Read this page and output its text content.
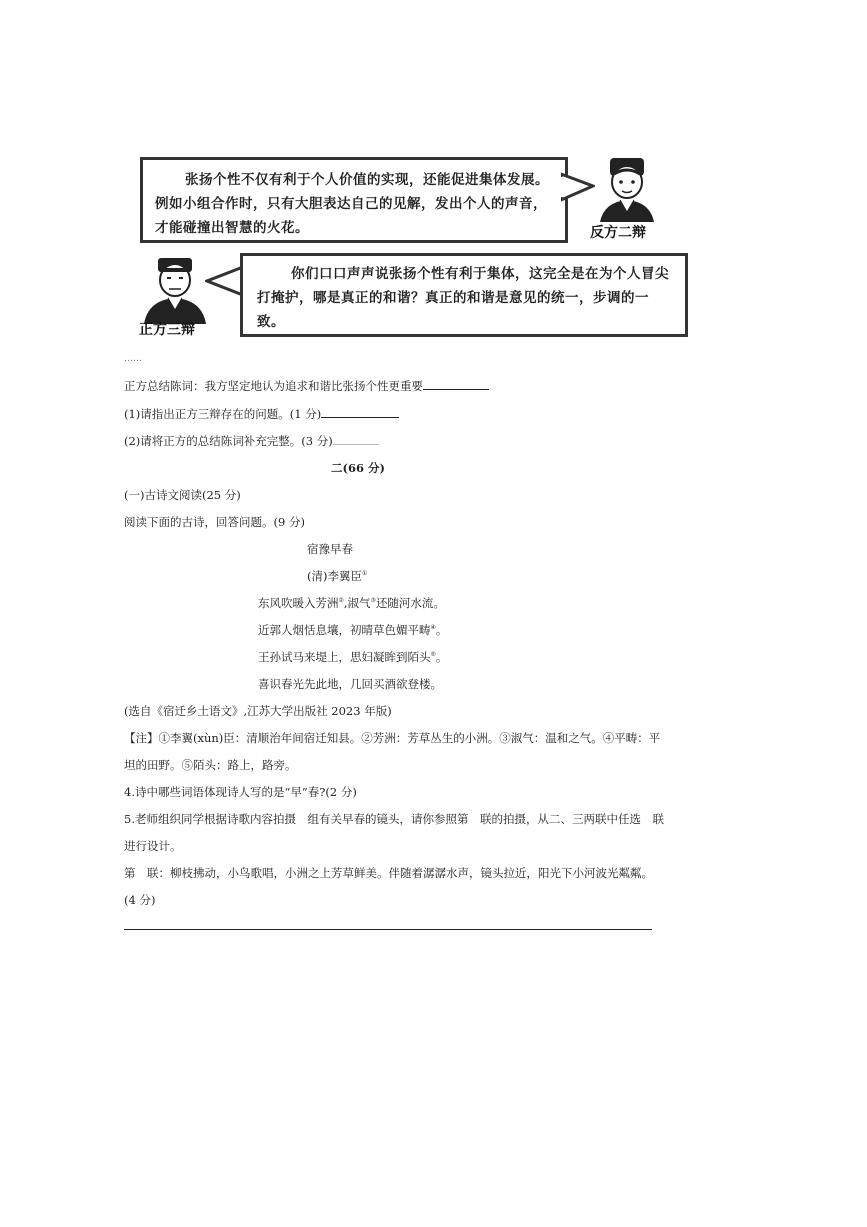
张扬个性不仅有利于个人价值的实现，还能促进集体发展。例如小组合作时，只有大胆表达自己的见解，发出个人的声音，才能碰撞出智慧的火花。	反方二辩
正方三辩
你们口口声声说张扬个性有利于集体，这完全是在为个人冒尖打掩护，哪是真正的和谐？真正的和谐是意见的统一，步调的一致。
……
正方总结陈词：我方坚定地认为追求和谐比张扬个性更重要
(1)请指出正方三辩存在的问题。(1 分)
(2)请将正方的总结陈词补充完整。(3 分)
二(66 分)
(一)古诗文阅读(25 分)
阅读下面的古诗，回答问题。(9 分)
宿豫早春
(清)李翼臣①
东风吹暖入芳洲②,淑气③还随河水流。
近郭人烟恬息壤，初晴草色媚平畴④。
王孙试马来堤上，思妇凝眸到陌头⑤。
喜识春光先此地，几回买酒欲登楼。
(选自《宿迁乡土语文》,江苏大学出版社 2023 年版)
【注】①李翼(xùn)臣：清顺治年间宿迁知县。②芳洲：芳草丛生的小洲。③淑气：温和之气。④平畴：平
坦的田野。⑤陌头：路上，路旁。
4.诗中哪些词语体现诗人写的是“早”春?(2 分)
5.老师组织同学根据诗歌内容拍摄　组有关早春的镜头，请你参照第　联的拍摄，从二、三两联中任选　联
进行设计。
第　联：柳枝拂动，小鸟歌唱，小洲之上芳草鲜美。伴随着潺潺水声，镜头拉近，阳光下小河波光粼粼。
(4 分)
